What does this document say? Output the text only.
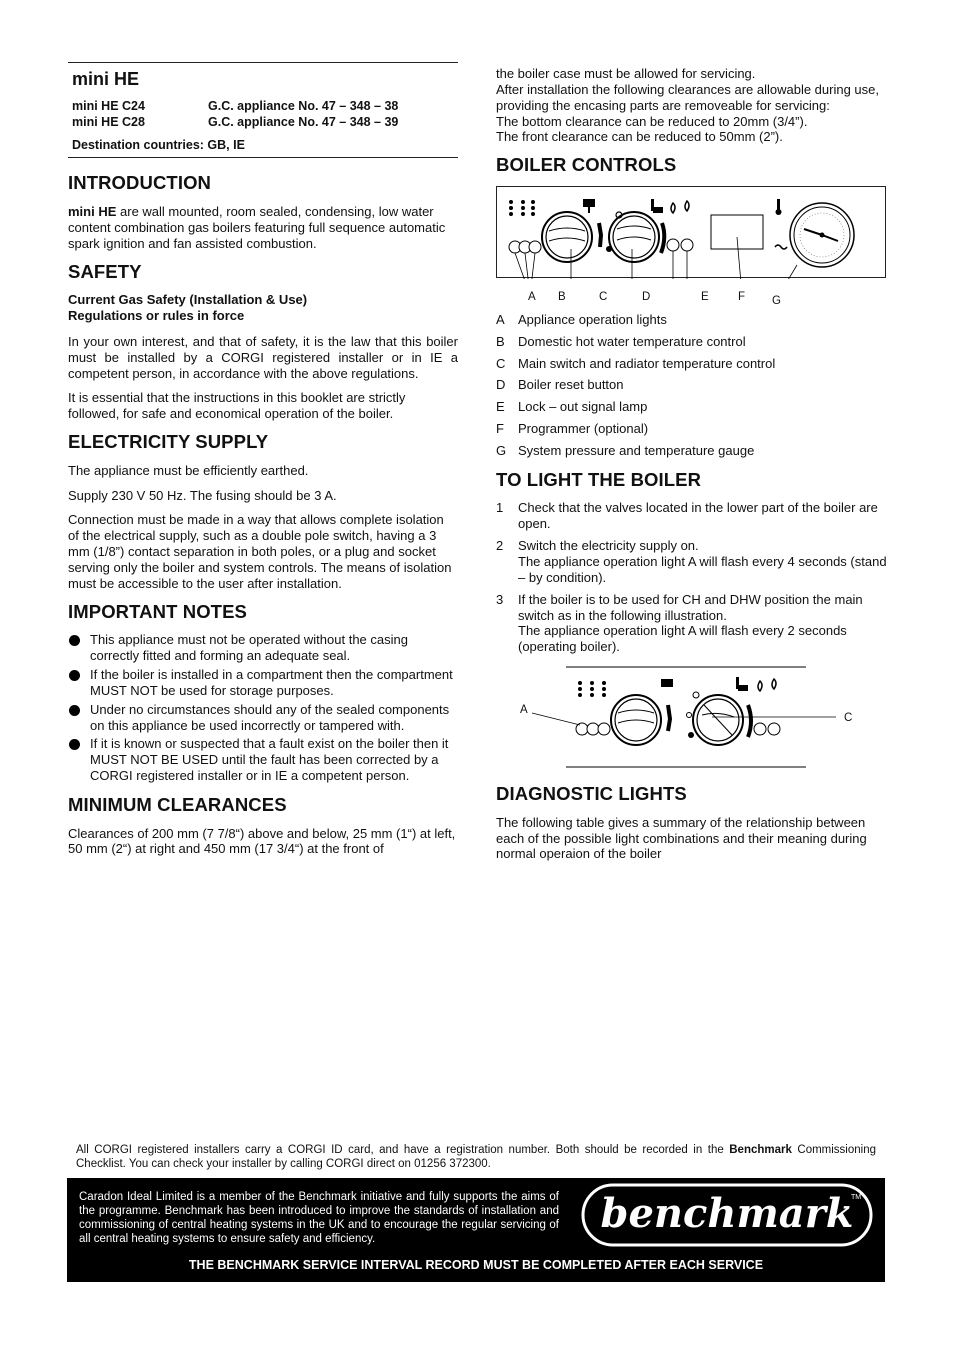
mini HE
mini HE C24	G.C. appliance No. 47 – 348 – 38
mini HE C28	G.C. appliance No. 47 – 348 – 39
Destination countries: GB, IE
INTRODUCTION

mini HE are wall mounted, room sealed, condensing, low water content combination gas boilers featuring full sequence automatic spark ignition and fan assisted combustion.

SAFETY

Current Gas Safety (Installation & Use)
Regulations or rules in force

In your own interest, and that of safety, it is the law that this boiler must be installed by a CORGI registered installer or in IE a competent person, in accordance with the above regulations.

It is essential that the instructions in this booklet are strictly followed, for safe and economical operation of the boiler.

ELECTRICITY SUPPLY

The appliance must be efficiently earthed.

Supply 230 V 50 Hz. The fusing should be 3 A.

Connection must be made in a way that allows complete isolation of the electrical supply, such as a double pole switch, having a 3 mm (1/8”) contact separation in both poles, or a plug and socket serving only the boiler and system controls. The means of isolation must be accessible to the user after installation.

IMPORTANT NOTES
This appliance must not be operated without the casing correctly fitted and forming an adequate seal.
If the boiler is installed in a compartment then the compartment MUST NOT be used for storage purposes.
Under no circumstances should any of the sealed components on this appliance be used incorrectly or tampered with.
If it is known or suspected that a fault exist on the boiler then it MUST NOT BE USED until the fault has been corrected by a CORGI registered installer or in IE a competent person.
MINIMUM CLEARANCES

Clearances of 200 mm (7 7/8“) above and below, 25 mm (1“) at left, 50 mm (2“) at right and 450 mm (17 3/4“) at the front of

the boiler case must be allowed for servicing.
After installation the following clearances are allowable during use, providing the encasing parts are removeable for servicing:
The bottom clearance can be reduced to 20mm (3/4”).
The front clearance can be reduced to 50mm (2”).

BOILER CONTROLS
A B	C	D	E	F G
A	Appliance operation lights
B	Domestic hot water temperature control
C Main switch and radiator temperature control
D Boiler reset button
E	Lock – out signal lamp
F	Programmer (optional)
G System pressure and temperature gauge
TO LIGHT THE BOILER
1	Check that the valves located in the lower part of the boiler are open.
2	Switch the electricity supply on.
The appliance operation light A will flash every 4 seconds (stand – by condition).
3	If the boiler is to be used for CH and DHW position the main switch as in the following illustration.
The appliance operation light A will flash every 2 seconds (operating boiler).
A
C
DIAGNOSTIC LIGHTS

The following table gives a summary of the relationship between each of the possible light combinations and their meaning during normal operaion of the boiler

All CORGI registered installers carry a CORGI ID card, and have a registration number. Both should be recorded in the Benchmark Commissioning Checklist. You can check your installer by calling CORGI direct on 01256 372300.
Caradon Ideal Limited is a member of the Benchmark initiative and fully supports the aims of the programme. Benchmark has been introduced to improve the standards of installation and commissioning of central heating systems in the UK and to encourage the regular servicing of all central heating systems to ensure safety and efficiency.
benchmark
TM
THE BENCHMARK SERVICE INTERVAL RECORD MUST BE COMPLETED AFTER EACH SERVICE
